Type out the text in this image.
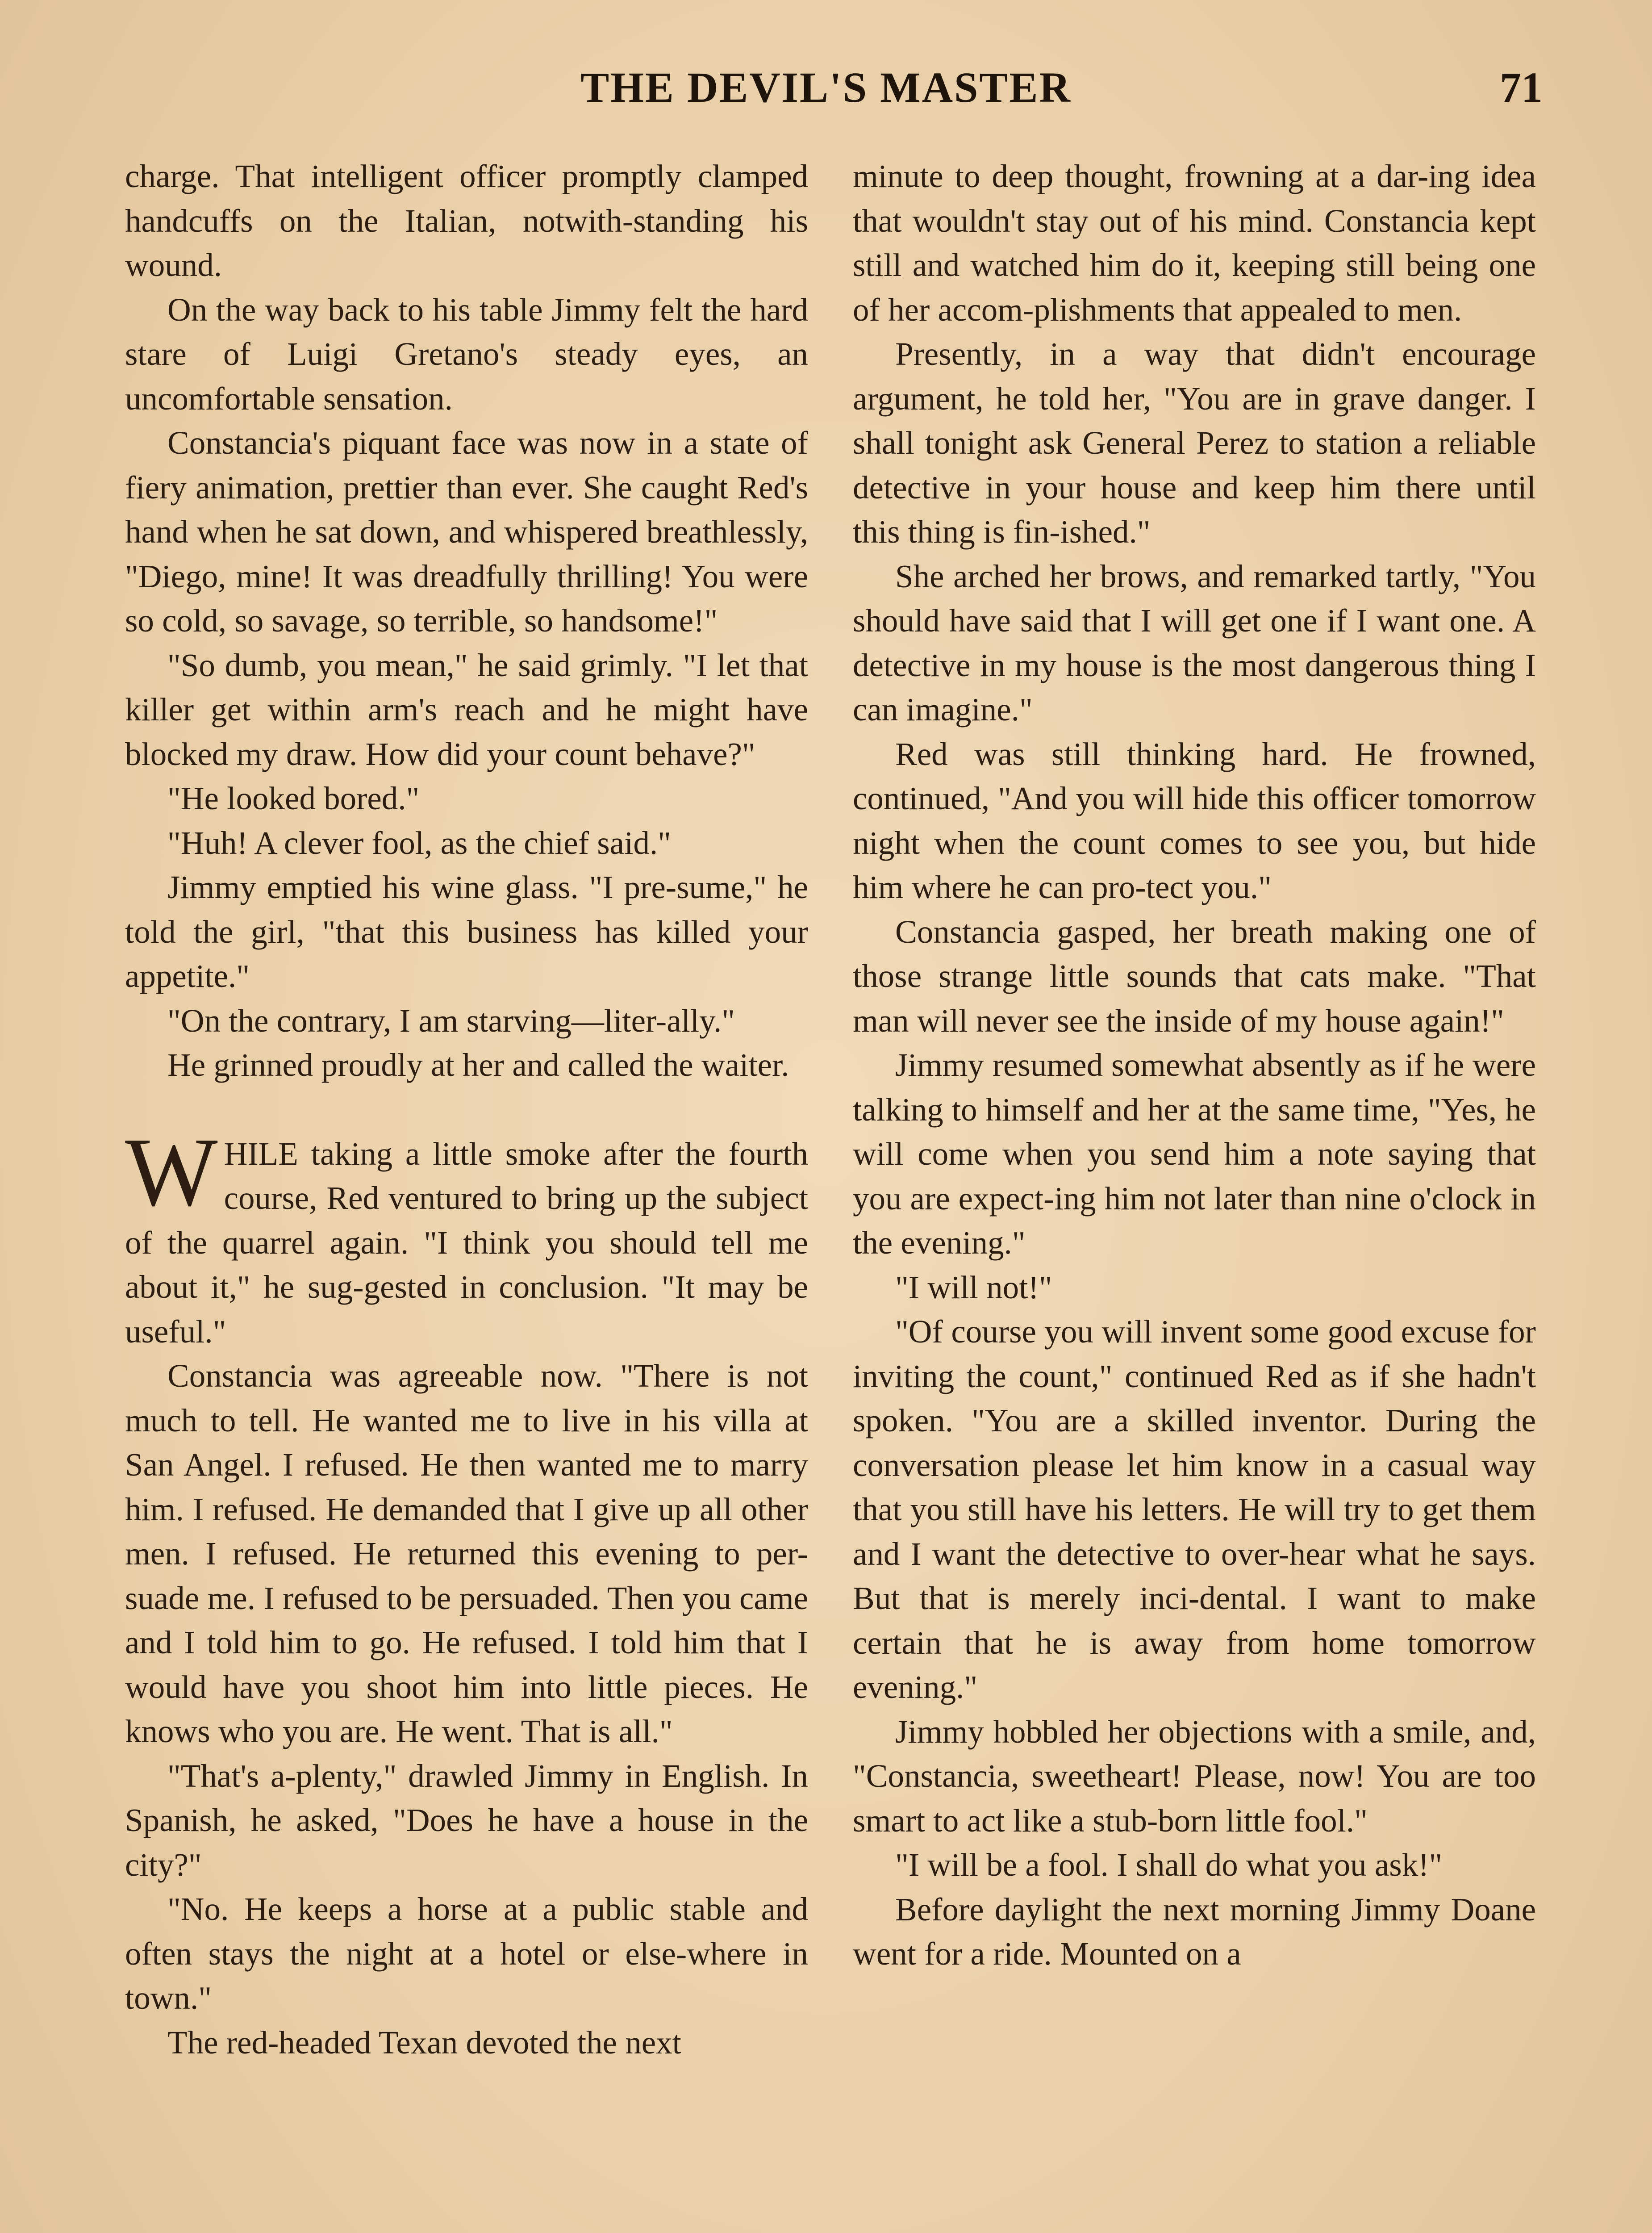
THE DEVIL'S MASTER	71

charge. That intelligent officer promptly clamped handcuffs on the Italian, notwith-standing his wound.

On the way back to his table Jimmy felt the hard stare of Luigi Gretano's steady eyes, an uncomfortable sensation.

Constancia's piquant face was now in a state of fiery animation, prettier than ever. She caught Red's hand when he sat down, and whispered breathlessly, "Diego, mine! It was dreadfully thrilling! You were so cold, so savage, so terrible, so handsome!"

"So dumb, you mean," he said grimly. "I let that killer get within arm's reach and he might have blocked my draw. How did your count behave?"

"He looked bored."

"Huh! A clever fool, as the chief said."

Jimmy emptied his wine glass. "I pre-sume," he told the girl, "that this business has killed your appetite."

"On the contrary, I am starving—liter-ally."

He grinned proudly at her and called the waiter.

WHILE taking a little smoke after the fourth course, Red ventured to bring up the subject of the quarrel again. "I think you should tell me about it," he sug-gested in conclusion. "It may be useful."

Constancia was agreeable now. "There is not much to tell. He wanted me to live in his villa at San Angel. I refused. He then wanted me to marry him. I refused. He demanded that I give up all other men. I refused. He returned this evening to per-suade me. I refused to be persuaded. Then you came and I told him to go. He refused. I told him that I would have you shoot him into little pieces. He knows who you are. He went. That is all."

"That's a-plenty," drawled Jimmy in English. In Spanish, he asked, "Does he have a house in the city?"

"No. He keeps a horse at a public stable and often stays the night at a hotel or else-where in town."

The red-headed Texan devoted the next

minute to deep thought, frowning at a dar-ing idea that wouldn't stay out of his mind. Constancia kept still and watched him do it, keeping still being one of her accom-plishments that appealed to men.

Presently, in a way that didn't encourage argument, he told her, "You are in grave danger. I shall tonight ask General Perez to station a reliable detective in your house and keep him there until this thing is fin-ished."

She arched her brows, and remarked tartly, "You should have said that I will get one if I want one. A detective in my house is the most dangerous thing I can imagine."

Red was still thinking hard. He frowned, continued, "And you will hide this officer tomorrow night when the count comes to see you, but hide him where he can pro-tect you."

Constancia gasped, her breath making one of those strange little sounds that cats make. "That man will never see the inside of my house again!"

Jimmy resumed somewhat absently as if he were talking to himself and her at the same time, "Yes, he will come when you send him a note saying that you are expect-ing him not later than nine o'clock in the evening."

"I will not!"

"Of course you will invent some good excuse for inviting the count," continued Red as if she hadn't spoken. "You are a skilled inventor. During the conversation please let him know in a casual way that you still have his letters. He will try to get them and I want the detective to over-hear what he says. But that is merely inci-dental. I want to make certain that he is away from home tomorrow evening."

Jimmy hobbled her objections with a smile, and, "Constancia, sweetheart! Please, now! You are too smart to act like a stub-born little fool."

"I will be a fool. I shall do what you ask!"

Before daylight the next morning Jimmy Doane went for a ride. Mounted on a
